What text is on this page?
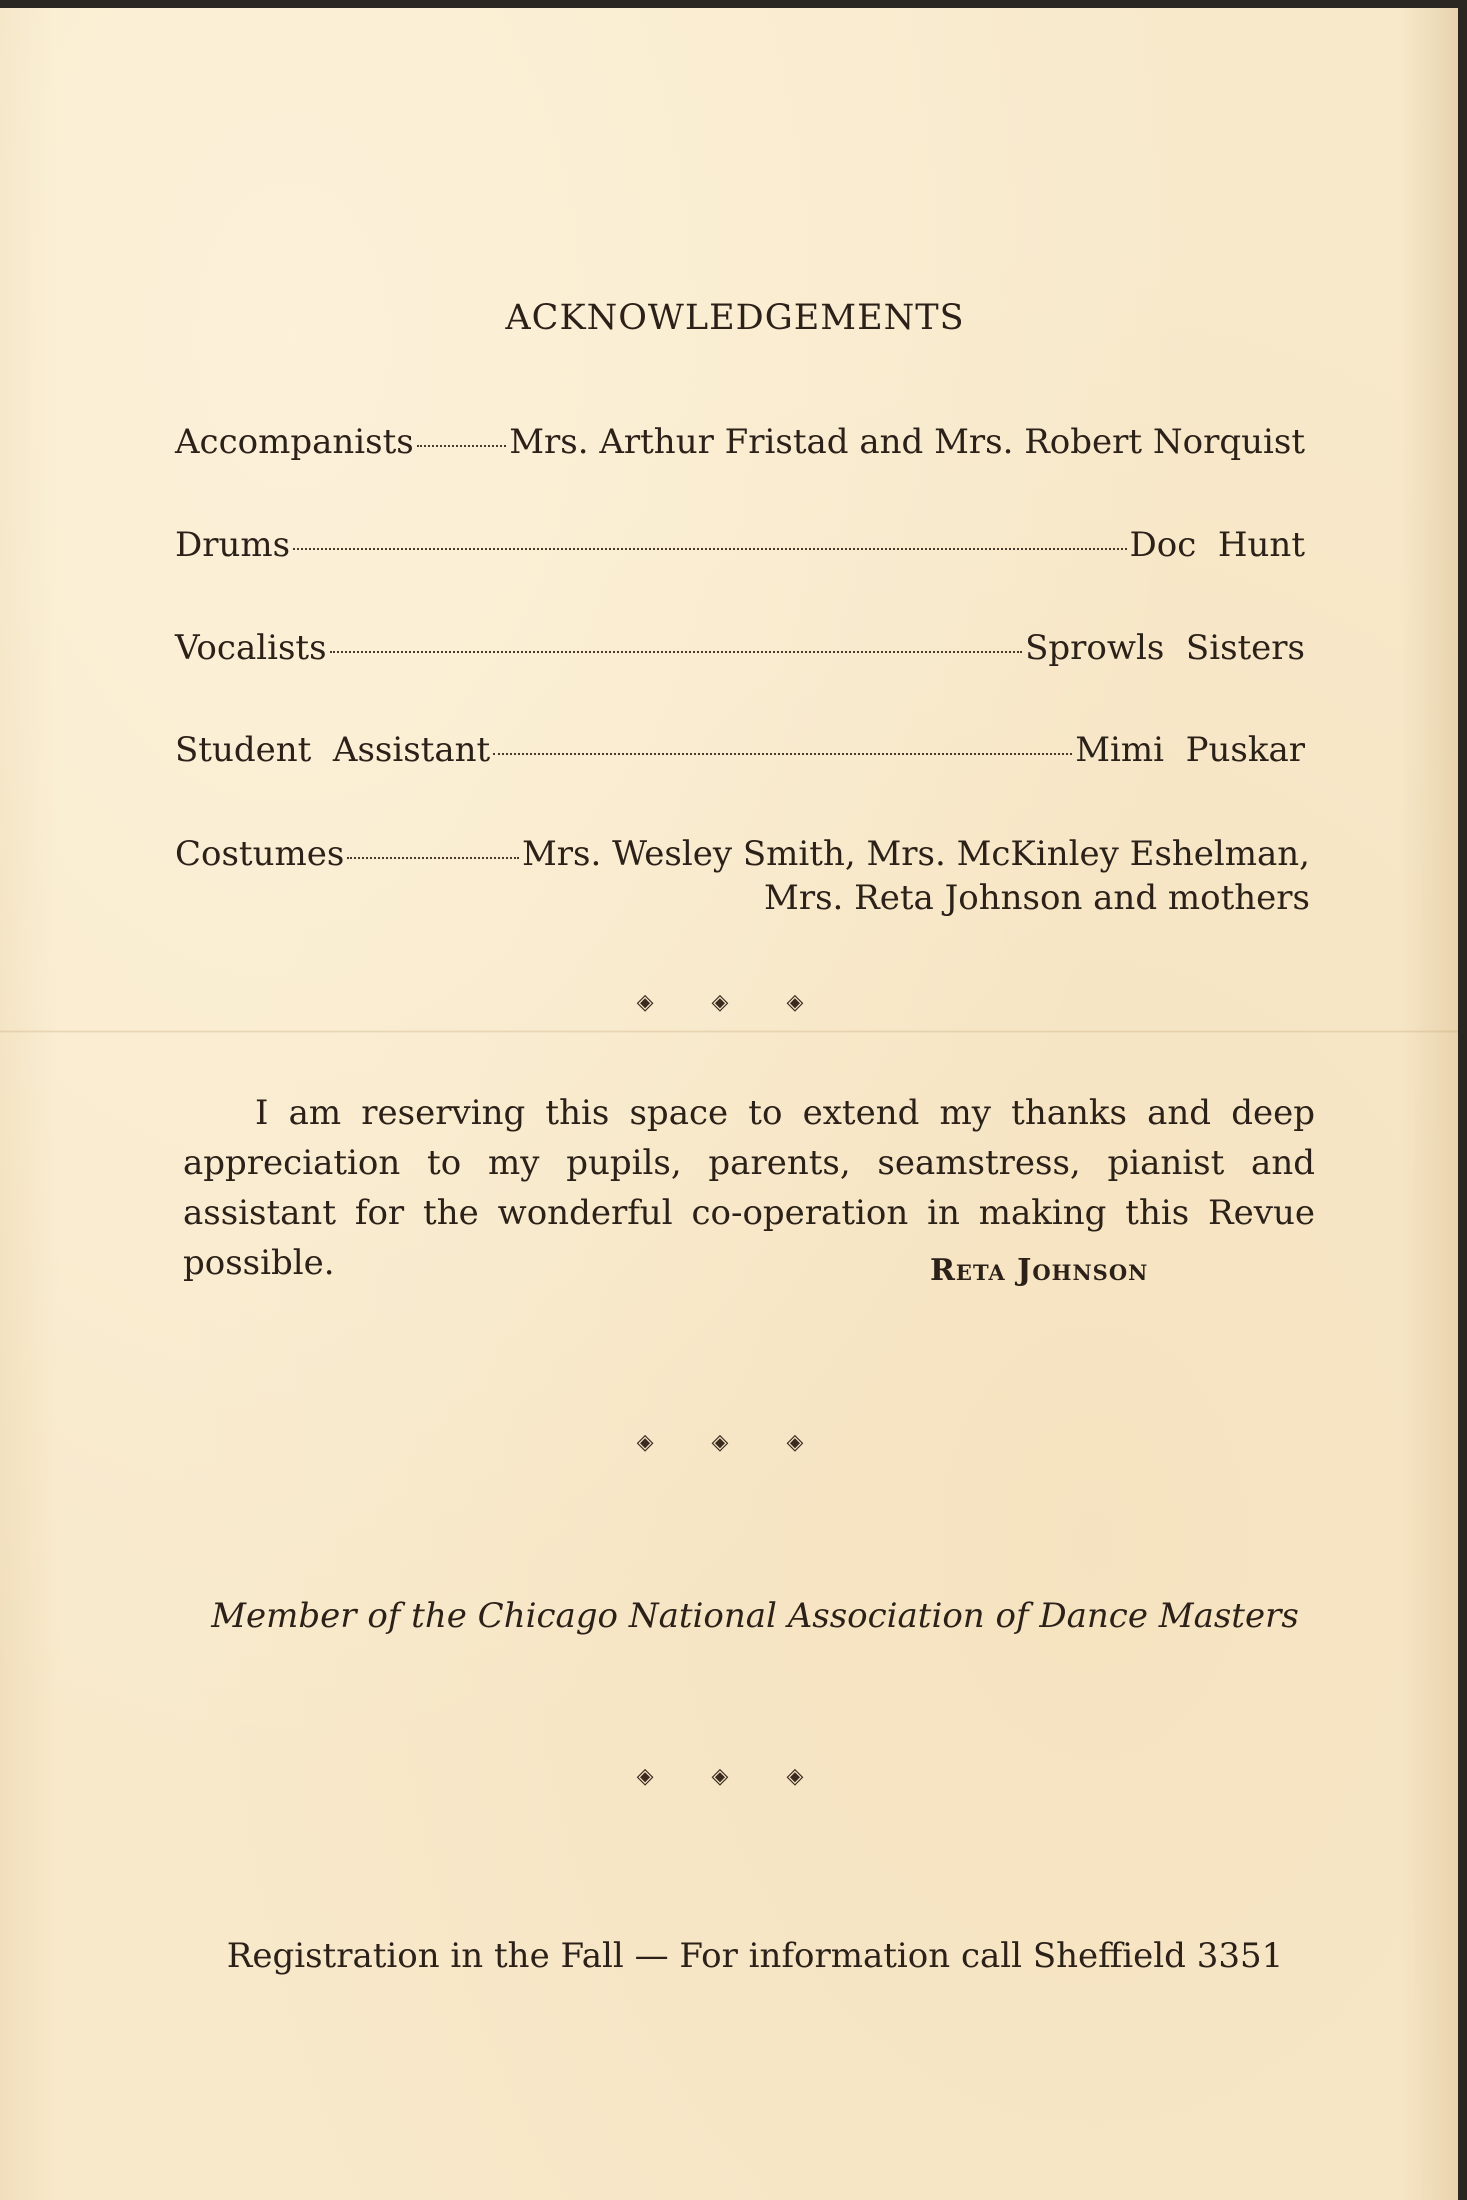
ACKNOWLEDGEMENTS
Accompanists	Mrs. Arthur Fristad and Mrs. Robert Norquist
Drums	Doc  Hunt
Vocalists	Sprowls  Sisters
Student  Assistant	Mimi  Puskar
Costumes	Mrs. Wesley Smith, Mrs. McKinley Eshelman,
Mrs. Reta Johnson and mothers
◈ ◈ ◈
I am reserving this space to extend my thanks and deep appreciation to my pupils, parents, seamstress, pianist and assistant for the wonderful co-operation in making this Revue possible.	Reta Johnson
◈ ◈ ◈
Member of the Chicago National Association of Dance Masters
◈ ◈ ◈
Registration in the Fall — For information call Sheffield 3351
